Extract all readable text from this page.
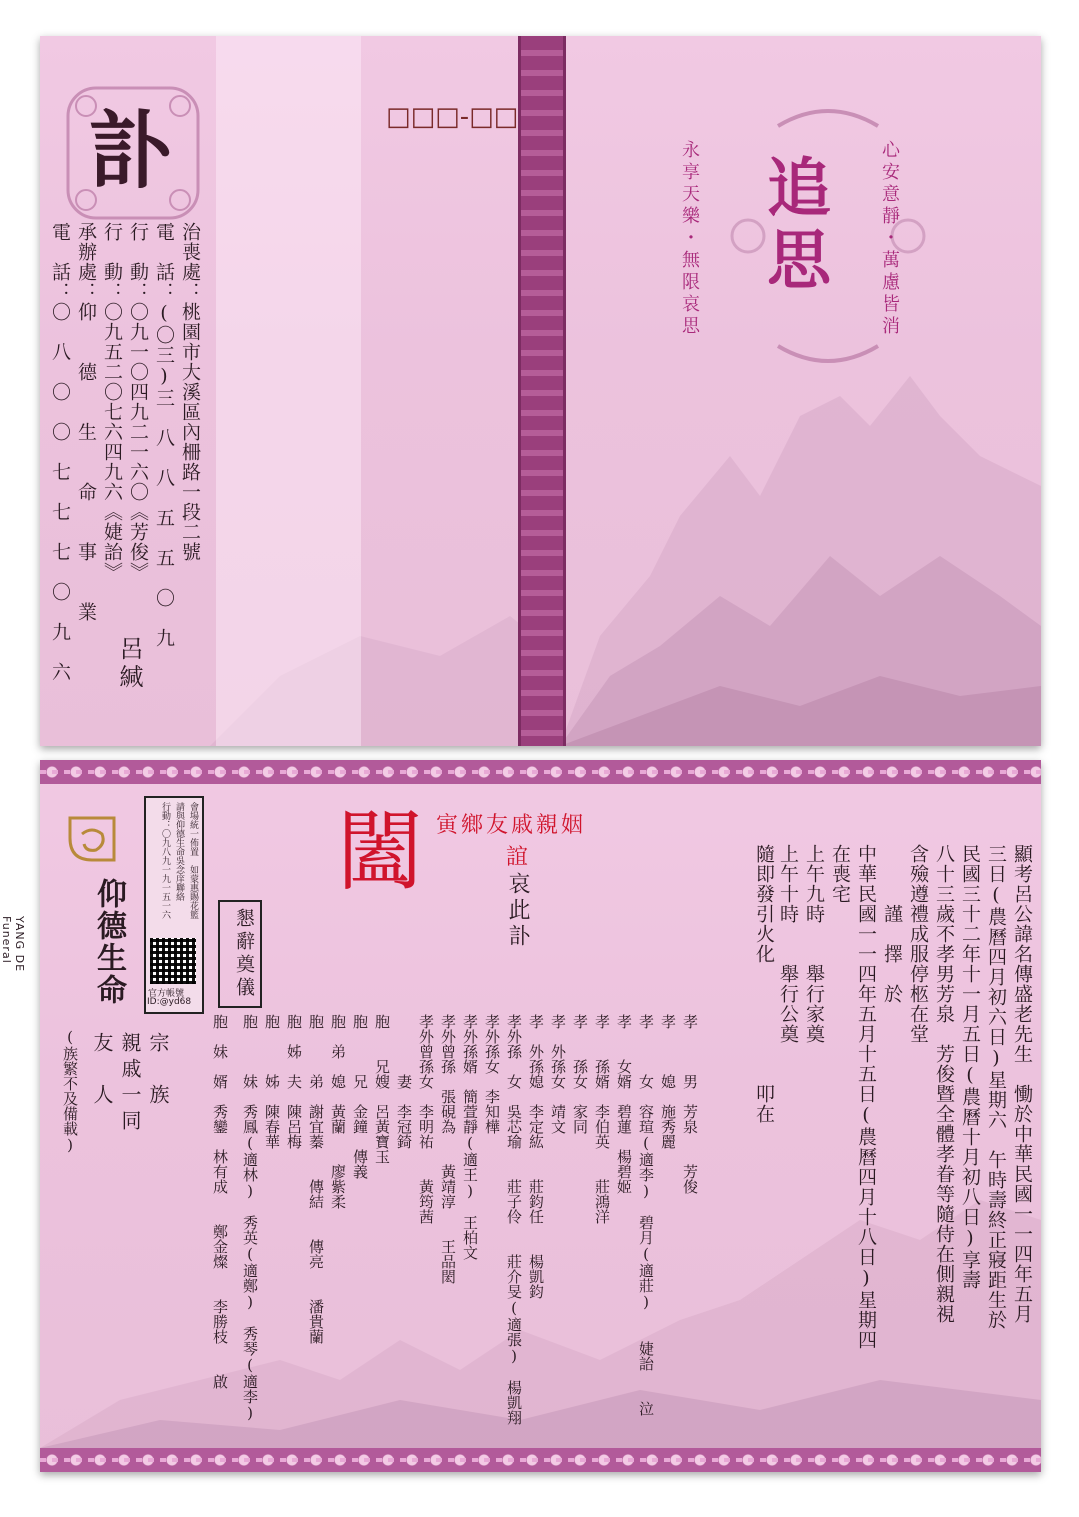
訃	□□□-□□
治喪處：桃園市大溪區內柵路一段二號
電　話：(〇三)三　八　八　五　五　〇　九
行　動：〇九一〇四九二一六〇《芳俊》
行　動：〇九五二〇七六四九六《婕詒》
承辦處：仰　　德　　生　　命　　事　　業
電　話：〇　八　〇　〇　七　七　七　〇　九　六 呂緘
追思	心安意靜・萬慮皆消
永享天樂・無限哀思
仰德生命
YANG DE Funeral
會場統一佈置　如蒙惠賜花籃
請與仰德生命吳念庠聯絡
行動：〇九八九一九一五一六
官方帳號
ID:@yd68
懇辭奠儀
闔 寅鄉友戚親姻
誼
哀此訃	顯考呂公諱名傳盛老先生　慟於中華民國一一四年五月
三日(農曆四月初六日)星期六　午時壽終正寢距生於
民國三十二年十一月五日(農曆十月初八日)享壽
八十三歲不孝男芳泉　芳俊暨全體孝眷等隨侍在側親視
含殮遵禮成服停柩在堂
　　　謹　擇　於
中華民國一一四年五月十五日(農曆四月十八日)星期四
在喪宅
上午九時　　舉行家奠
上午十時　　舉行公奠
隨即發引火化　　　　　　叩在
孝　　　男　芳泉　　芳俊
孝　　　媳　施秀麗
孝　　　女　容瑄(適李)　碧月(適莊)　　婕詒　　泣
孝　　女婿　碧蓮　楊碧姬
孝　　孫婿　李伯英　　莊鴻洋
孝　　孫女　家同
孝　外孫女　靖文
孝　外孫媳　李定紘　　莊鈞任　　楊凱鈞
孝外孫　女　吳芯瑜　　莊子伶　　莊介旻(適張)　楊凱翔
孝外孫女　李知樺
孝外孫婿　簡萱靜(適王)　王柏文
孝外曾孫　張硯為　　黃靖淳　　王品閎
孝外曾孫女　李明祐　　黃筠茜
　　　　妻　李冠錡
胞　　兄嫂　呂黃寶玉
胞　　　兄　金鐘　傳義
胞　弟　媳　黃蘭　　廖紫柔
胞　　　弟　謝宜蓁　　傳結　　傳亮　　潘貴蘭
胞　姊　夫　陳呂梅
胞　　　姊　陳春華
胞　　　妹　秀鳳(適林)　秀英(適鄭)　秀琴(適李)
胞　妹　婿　秀鑾　林有成　　鄭金燦　　李勝枝　　啟
宗　族
親戚一同
友　人
(族繁不及備載)
